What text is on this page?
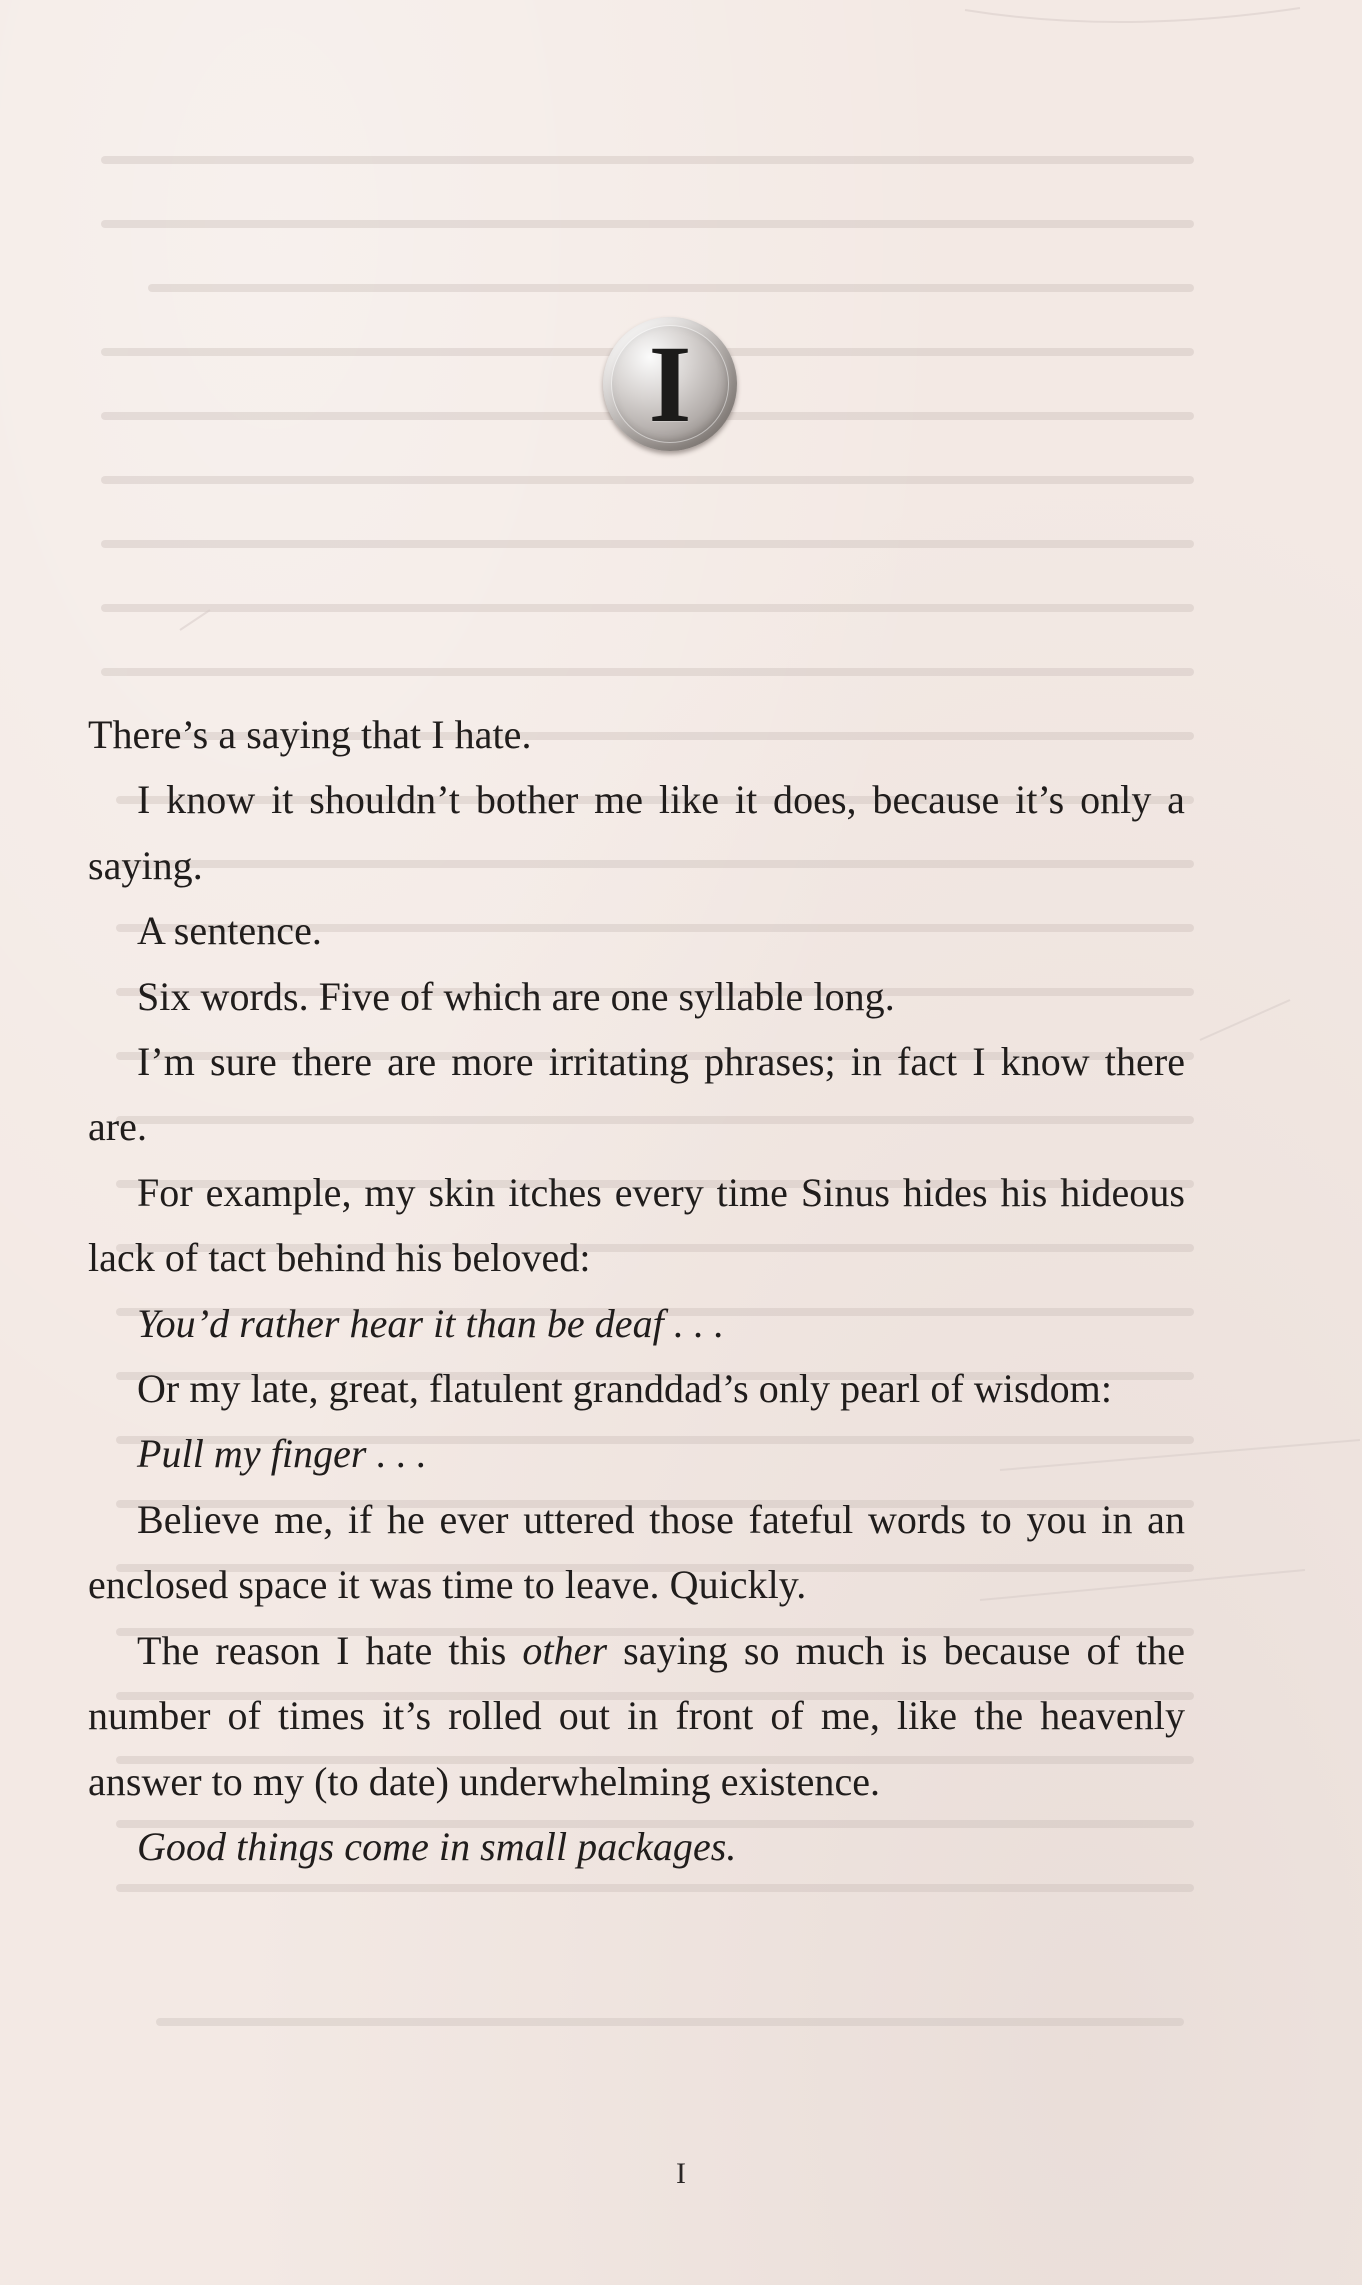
I

There’s a saying that I hate.

I know it shouldn’t bother me like it does, because it’s only a saying.

A sentence.

Six words. Five of which are one syllable long.

I’m sure there are more irritating phrases; in fact I know there are.

For example, my skin itches every time Sinus hides his hideous lack of tact behind his beloved:

You’d rather hear it than be deaf . . .

Or my late, great, flatulent granddad’s only pearl of wisdom:

Pull my finger . . .

Believe me, if he ever uttered those fateful words to you in an enclosed space it was time to leave. Quickly.

The reason I hate this other saying so much is because of the number of times it’s rolled out in front of me, like the heavenly answer to my (to date) underwhelming existence.

Good things come in small packages.

I
